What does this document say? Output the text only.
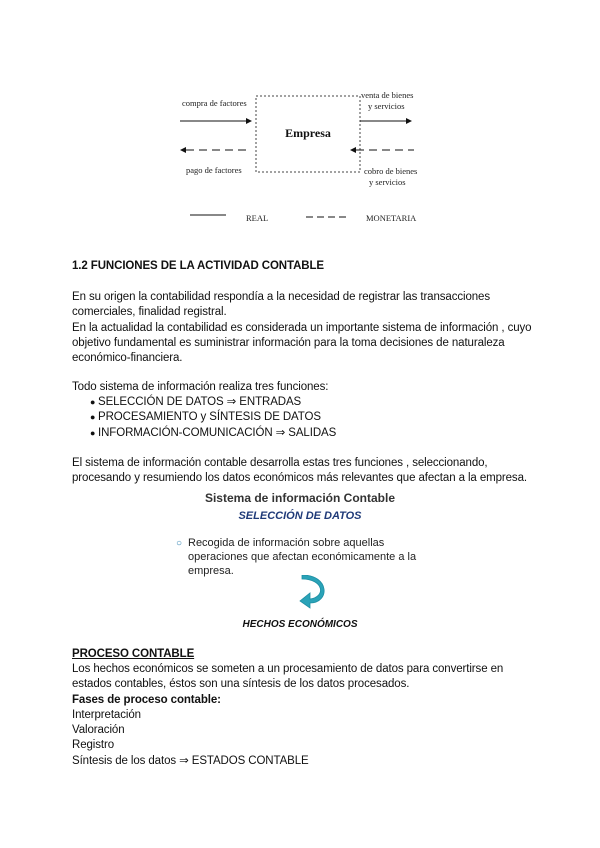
Empresa
compra de factores
pago de factores
venta de bienes
y servicios
cobro de bienes
y servicios
REAL	MONETARIA
1.2 FUNCIONES DE LA ACTIVIDAD CONTABLE
En su origen la contabilidad respondía a la necesidad de registrar las transacciones
comerciales, finalidad registral.
En la actualidad la contabilidad es considerada un importante sistema de información , cuyo
objetivo fundamental es suministrar información para la toma decisiones de naturaleza
económico-financiera.
Todo sistema de información realiza tres funciones:
● SELECCIÓN DE DATOS ⇒ ENTRADAS
● PROCESAMIENTO y SÍNTESIS DE DATOS
● INFORMACIÓN-COMUNICACIÓN ⇒ SALIDAS
El sistema de información contable desarrolla estas tres funciones , seleccionando,
procesando y resumiendo los datos económicos más relevantes que afectan a la empresa.
Sistema de información Contable
SELECCIÓN DE DATOS
○ Recogida de información sobre aquellas
operaciones que afectan económicamente a la
empresa.
HECHOS ECONÓMICOS
PROCESO CONTABLE
Los hechos económicos se someten a un procesamiento de datos para convertirse en
estados contables, éstos son una síntesis de los datos procesados.
Fases de proceso contable:
Interpretación
Valoración
Registro
Síntesis de los datos ⇒ ESTADOS CONTABLE
